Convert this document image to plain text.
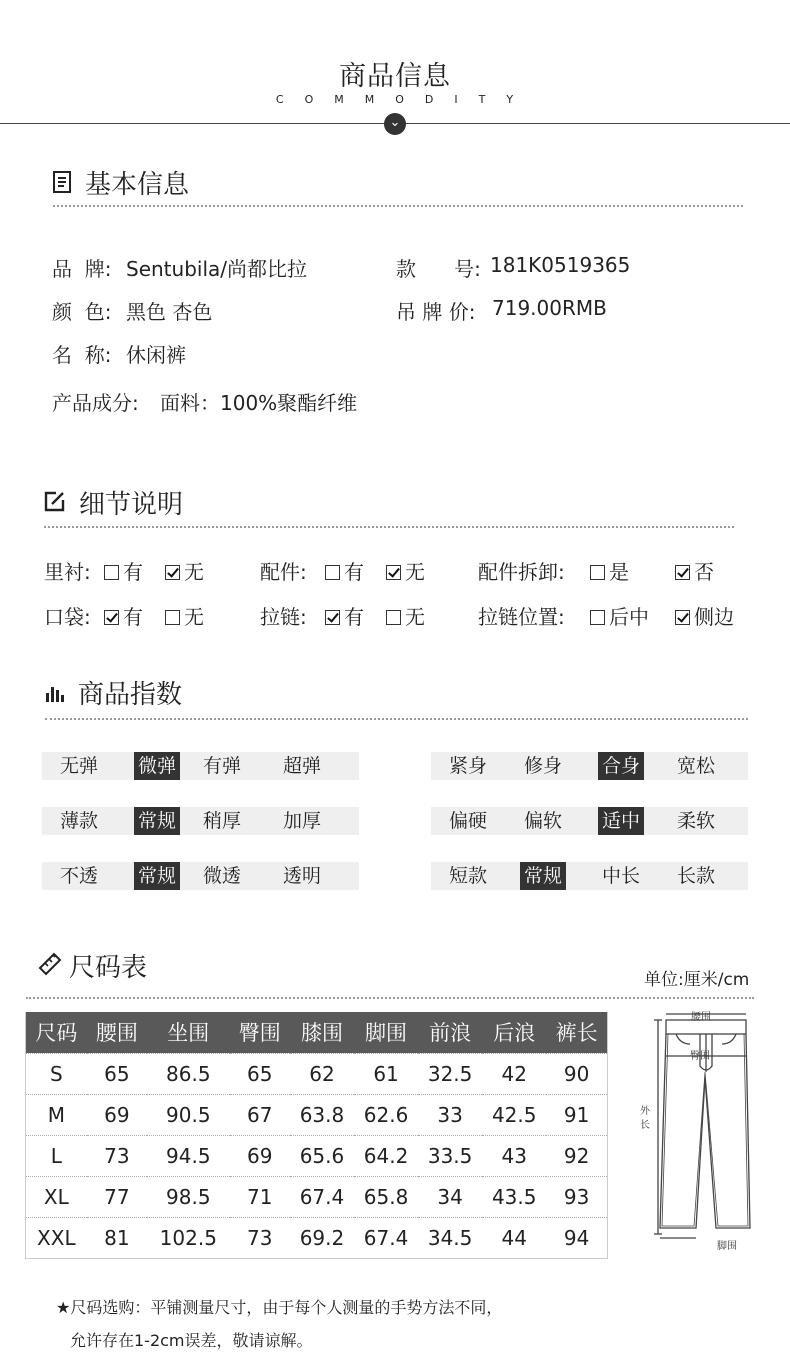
商品信息
COMMODITY
⌄
基本信息
品  牌: Sentubila/尚都比拉	款      号: 181K0519365
颜  色: 黑色 杏色	吊 牌 价: 719.00RMB
名  称: 休闲裤
产品成分: 面料：100%聚酯纤维
细节说明
里衬:	有	无	配件:	有	无	配件拆卸:	是	否
口袋:	有	无	拉链:	有	无	拉链位置:	后中	侧边
商品指数
无弹 微弹 有弹 超弹	紧身 修身 合身 宽松
薄款 常规 稍厚 加厚	偏硬 偏软 适中 柔软
不透 常规 微透 透明	短款 常规 中长 长款
尺码表	单位:厘米/cm
尺码	腰围	坐围	臀围	膝围	脚围	前浪	后浪	裤长
S	65	86.5	65	62	61	32.5	42	90
M	69	90.5	67	63.8	62.6	33	42.5	91
L	73	94.5	69	65.6	64.2	33.5	43	92
XL	77	98.5	71	67.4	65.8	34	43.5	93
XXL	81	102.5	73	69.2	67.4	34.5	44	94
腰围
臀围
外
长
脚围
★尺码选购：平铺测量尺寸，由于每个人测量的手势方法不同，
允许存在1-2cm误差，敬请谅解。
